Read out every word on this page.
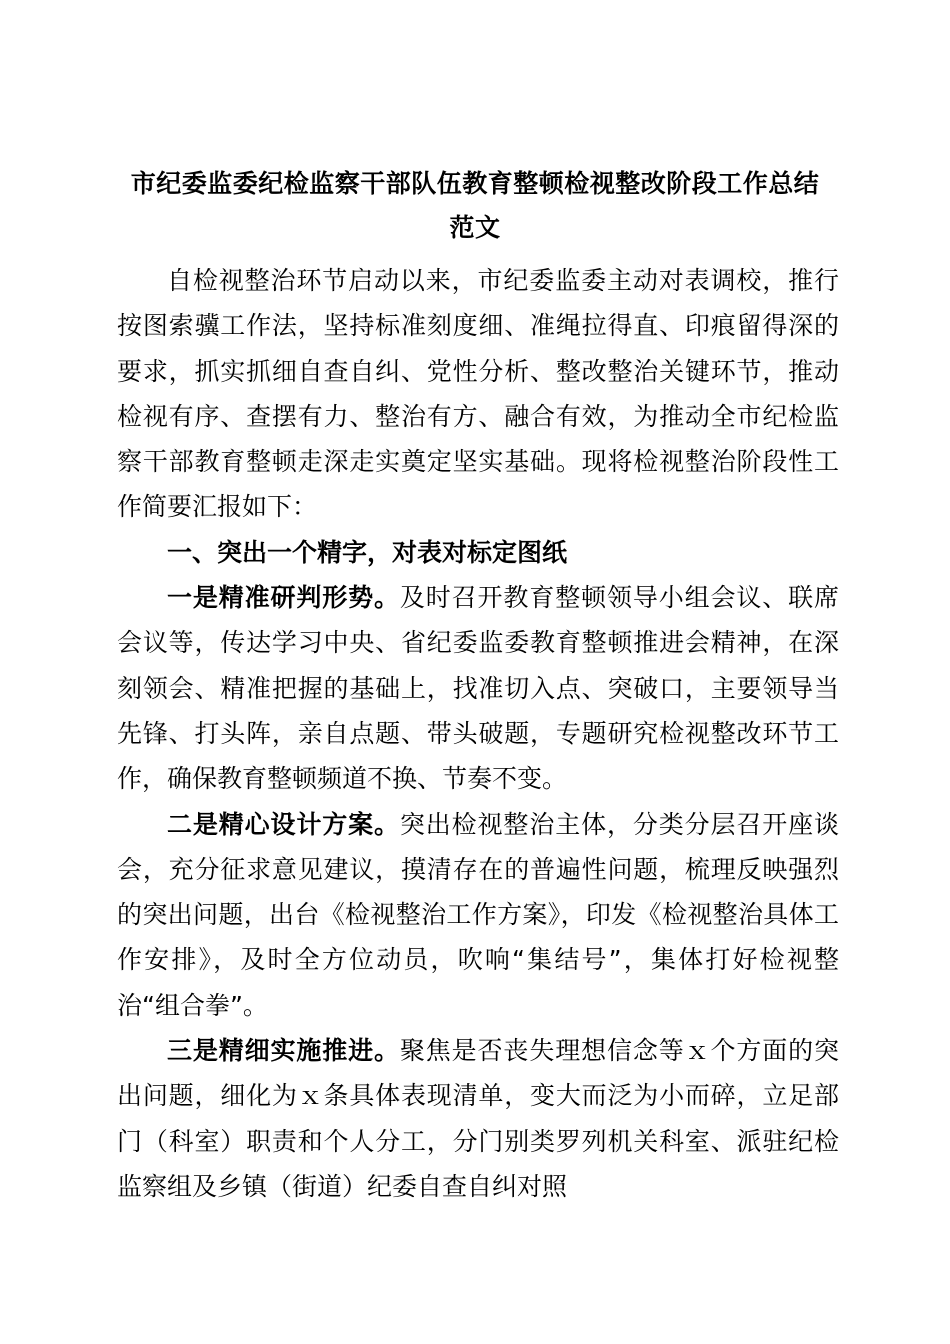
市纪委监委纪检监察干部队伍教育整顿检视整改阶段工作总结
范文

自检视整治环节启动以来，市纪委监委主动对表调校，推行按图索骥工作法，坚持标准刻度细、准绳拉得直、印痕留得深的要求，抓实抓细自查自纠、党性分析、整改整治关键环节，推动检视有序、查摆有力、整治有方、融合有效，为推动全市纪检监察干部教育整顿走深走实奠定坚实基础。现将检视整治阶段性工作简要汇报如下：

一、突出一个精字，对表对标定图纸

一是精准研判形势。及时召开教育整顿领导小组会议、联席会议等，传达学习中央、省纪委监委教育整顿推进会精神，在深刻领会、精准把握的基础上，找准切入点、突破口，主要领导当先锋、打头阵，亲自点题、带头破题，专题研究检视整改环节工作，确保教育整顿频道不换、节奏不变。

二是精心设计方案。突出检视整治主体，分类分层召开座谈会，充分征求意见建议，摸清存在的普遍性问题，梳理反映强烈的突出问题，出台《检视整治工作方案》，印发《检视整治具体工作安排》，及时全方位动员，吹响“集结号”，集体打好检视整治“组合拳”。

三是精细实施推进。聚焦是否丧失理想信念等ｘ个方面的突出问题，细化为ｘ条具体表现清单，变大而泛为小而碎，立足部门（科室）职责和个人分工，分门别类罗列机关科室、派驻纪检监察组及乡镇（街道）纪委自查自纠对照
